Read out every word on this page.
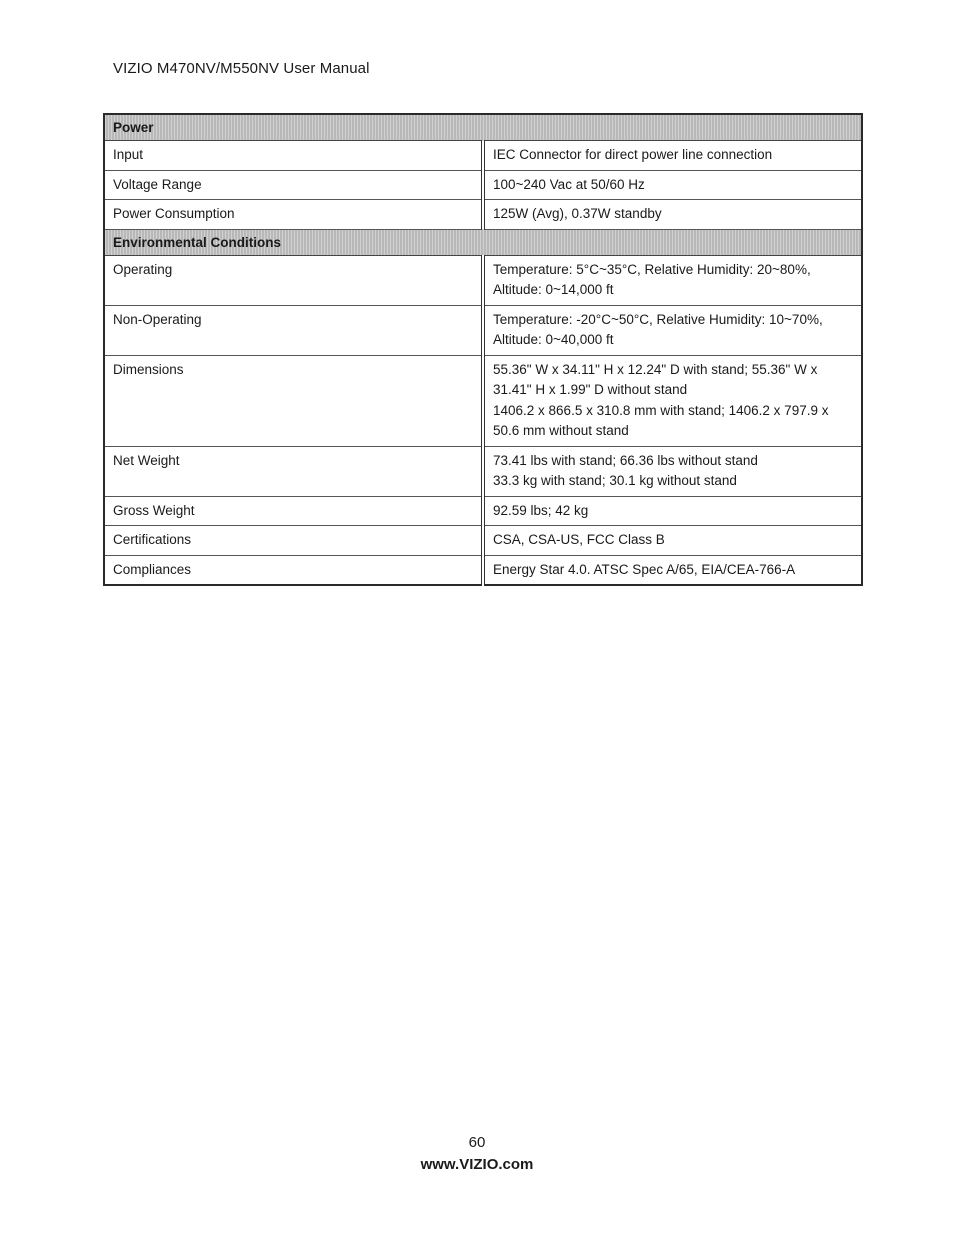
VIZIO M470NV/M550NV User Manual
Power	
Input	IEC Connector for direct power line connection
Voltage Range	100~240 Vac at 50/60 Hz
Power Consumption	125W (Avg), 0.37W standby
Environmental Conditions	
Operating	Temperature: 5°C~35°C, Relative Humidity: 20~80%, Altitude: 0~14,000 ft
Non-Operating	Temperature: -20°C~50°C, Relative Humidity: 10~70%, Altitude: 0~40,000 ft
Dimensions	55.36" W x 34.11" H x 12.24" D with stand; 55.36" W x 31.41" H x 1.99" D without stand
1406.2 x 866.5 x 310.8 mm with stand; 1406.2 x 797.9 x 50.6 mm without stand

Net Weight	73.41 lbs with stand; 66.36 lbs without stand
33.3 kg with stand; 30.1 kg without stand

Gross Weight	92.59 lbs; 42 kg
Certifications	CSA, CSA-US, FCC Class B
Compliances	Energy Star 4.0. ATSC Spec A/65, EIA/CEA-766-A
60
www.VIZIO.com
